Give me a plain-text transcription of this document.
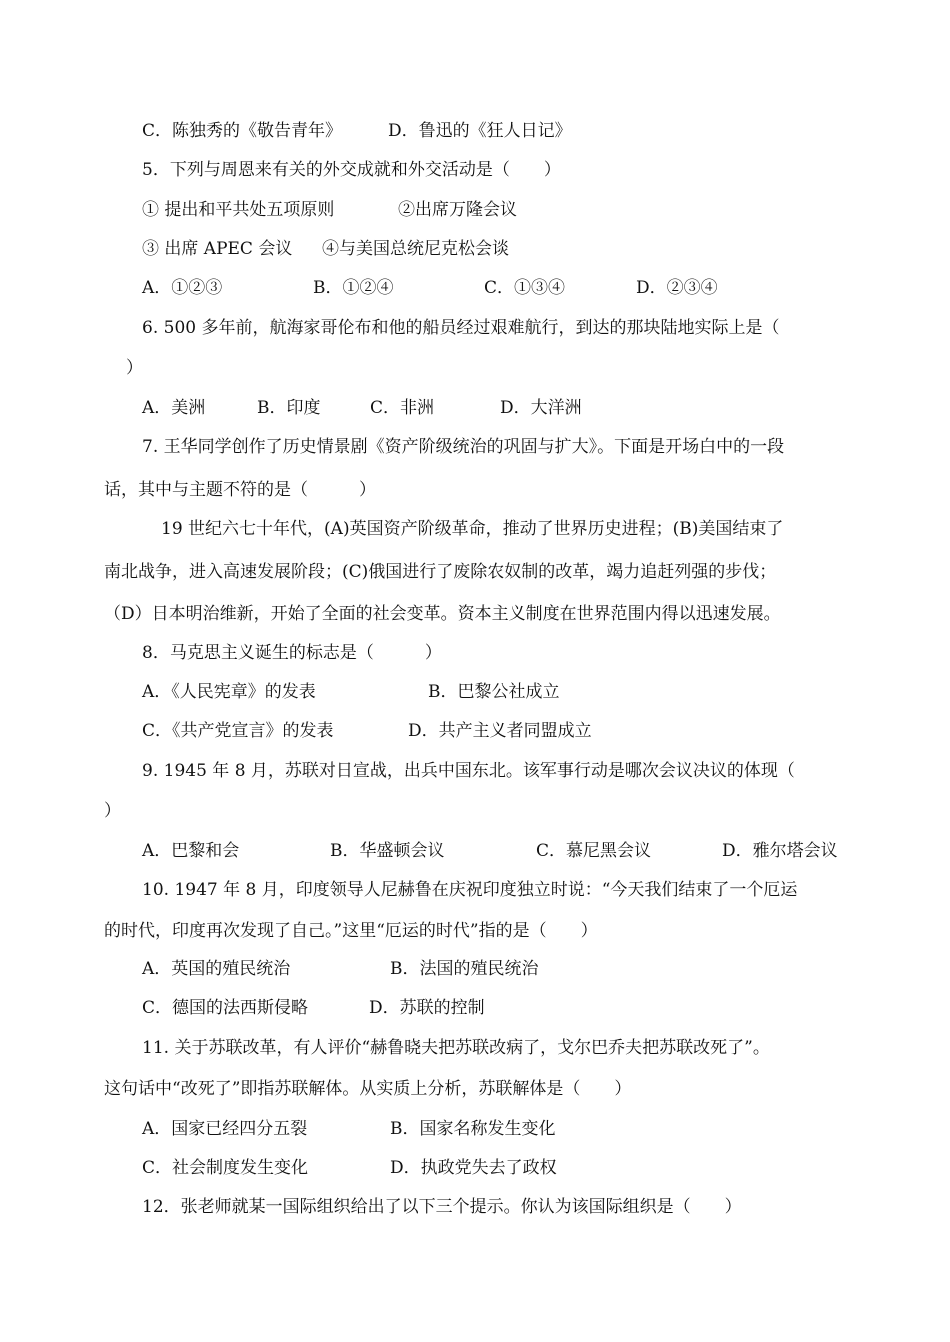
C．陈独秀的《敬告青年》	D．鲁迅的《狂人日记》
5．下列与周恩来有关的外交成就和外交活动是（　　）
① 提出和平共处五项原则	②出席万隆会议
③ 出席 APEC 会议 ④与美国总统尼克松会谈
A．①②③	B．①②④	C．①③④	D．②③④
6. 500 多年前，航海家哥伦布和他的船员经过艰难航行，到达的那块陆地实际上是（
）
A．美洲	B．印度	C．非洲	D．大洋洲
7. 王华同学创作了历史情景剧《资产阶级统治的巩固与扩大》。下面是开场白中的一段
话，其中与主题不符的是（　　　）
19 世纪六七十年代，(A)英国资产阶级革命，推动了世界历史进程；(B)美国结束了
南北战争，进入高速发展阶段；(C)俄国进行了废除农奴制的改革，竭力追赶列强的步伐；
（D）日本明治维新，开始了全面的社会变革。资本主义制度在世界范围内得以迅速发展。
8．马克思主义诞生的标志是（　　　）
A．《人民宪章》的发表	B．巴黎公社成立
C．《共产党宣言》的发表	D．共产主义者同盟成立
9. 1945 年 8 月，苏联对日宣战，出兵中国东北。该军事行动是哪次会议决议的体现（
）
A．巴黎和会	B．华盛顿会议	C．慕尼黑会议	D．雅尔塔会议
10. 1947 年 8 月，印度领导人尼赫鲁在庆祝印度独立时说：“今天我们结束了一个厄运
的时代，印度再次发现了自己。”这里“厄运的时代”指的是（　　）
A．英国的殖民统治	B．法国的殖民统治
C．德国的法西斯侵略	D．苏联的控制
11. 关于苏联改革，有人评价“赫鲁晓夫把苏联改病了，戈尔巴乔夫把苏联改死了”。
这句话中“改死了”即指苏联解体。从实质上分析，苏联解体是（　　）
A．国家已经四分五裂	B．国家名称发生变化
C．社会制度发生变化	D．执政党失去了政权
12．张老师就某一国际组织给出了以下三个提示。你认为该国际组织是（　　）
